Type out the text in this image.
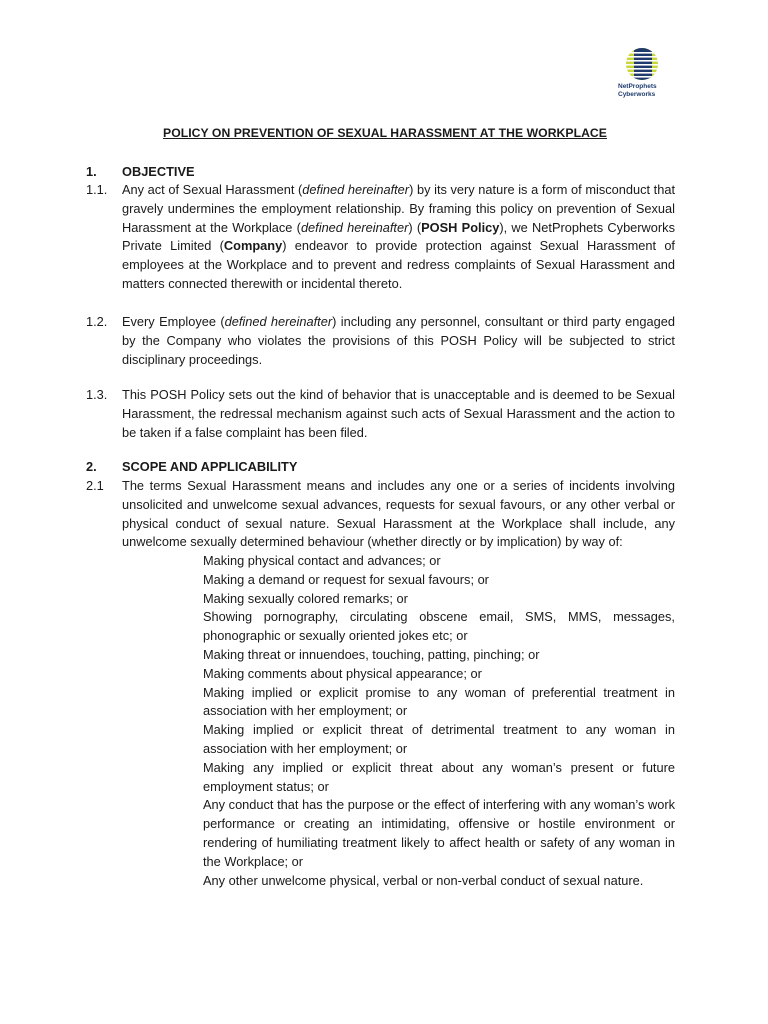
NetProphets
Cyberworks
POLICY ON PREVENTION OF SEXUAL HARASSMENT AT THE WORKPLACE
1. OBJECTIVE
1.1. Any act of Sexual Harassment (defined hereinafter) by its very nature is a form of misconduct that gravely undermines the employment relationship. By framing this policy on prevention of Sexual Harassment at the Workplace (defined hereinafter) (POSH Policy), we NetProphets Cyberworks Private Limited (Company) endeavor to provide protection against Sexual Harassment of employees at the Workplace and to prevent and redress complaints of Sexual Harassment and matters connected therewith or incidental thereto.
1.2. Every Employee (defined hereinafter) including any personnel, consultant or third party engaged by the Company who violates the provisions of this POSH Policy will be subjected to strict disciplinary proceedings.
1.3. This POSH Policy sets out the kind of behavior that is unacceptable and is deemed to be Sexual Harassment, the redressal mechanism against such acts of Sexual Harassment and the action to be taken if a false complaint has been filed.
2. SCOPE AND APPLICABILITY
2.1 The terms Sexual Harassment means and includes any one or a series of incidents involving unsolicited and unwelcome sexual advances, requests for sexual favours, or any other verbal or physical conduct of sexual nature. Sexual Harassment at the Workplace shall include, any unwelcome sexually determined behaviour (whether directly or by implication) by way of:
Making physical contact and advances; or
Making a demand or request for sexual favours; or
Making sexually colored remarks; or
Showing pornography, circulating obscene email, SMS, MMS, messages, phonographic or sexually oriented jokes etc; or
Making threat or innuendoes, touching, patting, pinching; or
Making comments about physical appearance; or
Making implied or explicit promise to any woman of preferential treatment in association with her employment; or
Making implied or explicit threat of detrimental treatment to any woman in association with her employment; or
Making any implied or explicit threat about any woman’s present or future employment status; or
Any conduct that has the purpose or the effect of interfering with any woman’s work performance or creating an intimidating, offensive or hostile environment or rendering of humiliating treatment likely to affect health or safety of any woman in the Workplace; or
Any other unwelcome physical, verbal or non-verbal conduct of sexual nature.
